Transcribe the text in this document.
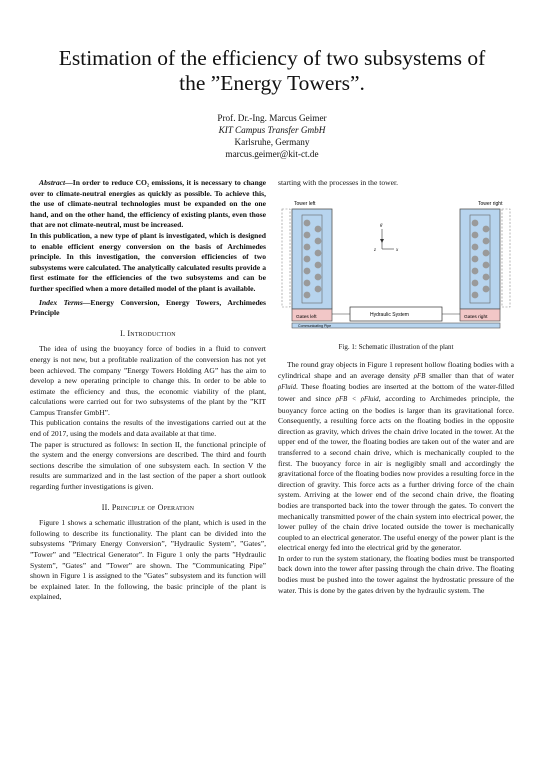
Estimation of the efficiency of two subsystems of
the ”Energy Towers”.
Prof. Dr.-Ing. Marcus Geimer
KIT Campus Transfer GmbH
Karlsruhe, Germany
marcus.geimer@kit-ct.de

Abstract—In order to reduce CO₂ emissions, it is necessary to change over to climate-neutral energies as quickly as possible. To achieve this, the use of climate-neutral technologies must be expanded on the one hand, and on the other hand, the efficiency of existing plants, even those that are not climate-neutral, must be increased.

In this publication, a new type of plant is investigated, which is designed to enable efficient energy conversion on the basis of Archimedes principle. In this investigation, the conversion efficiencies of two subsystems were calculated. The analytically calculated results provide a first estimate for the efficiencies of the two subsystems and can be further specified when a more detailed model of the plant is available.

Index Terms—Energy Conversion, Energy Towers, Archimedes Principle

I. Introduction

The idea of using the buoyancy force of bodies in a fluid to convert energy is not new, but a profitable realization of the conversion has not yet been achieved. The company ”Energy Towers Holding AG” has the aim to develop a new operating principle to change this. In order to be able to estimate the efficiency and thus, the economic viability of the plant, calculations were carried out for two subsystems of the plant by the ”KIT Campus Transfer GmbH”.

This publication contains the results of the investigations carried out at the end of 2017, using the models and data available at that time.

The paper is structured as follows: In section II, the functional principle of the system and the energy conversions are described. The third and fourth sections describe the simulation of one subsystem each. In section V the results are summarized and in the last section of the paper a short outlook regarding further investigations is given.

II. Principle of Operation

Figure 1 shows a schematic illustration of the plant, which is used in the following to describe its functionality. The plant can be divided into the subsystems ”Primary Energy Conversion”, ”Hydraulic System”, ”Gates”, ”Tower” and ”Electrical Generator”. In Figure 1 only the parts ”Hydraulic System”, ”Gates” and ”Tower” are shown. The ”Communicating Pipe” shown in Figure 1 is assigned to the ”Gates” subsystem and its function will be explained later. In the following, the basic principle of the plant is explained,

starting with the processes in the tower.

Tower left	Tower right
g
x
z
Gates left	Gates right
Hydraulic System
Communicating Pipe
Fig. 1: Schematic illustration of the plant

The round gray objects in Figure 1 represent hollow floating bodies with a cylindrical shape and an average density ρFB smaller than that of water ρFluid. These floating bodies are inserted at the bottom of the water-filled tower and since ρFB < ρFluid, according to Archimedes principle, the buoyancy force acting on the bodies is larger than its gravitational force. Consequently, a resulting force acts on the floating bodies in the opposite direction as gravity, which drives the chain drive located in the tower. At the upper end of the tower, the floating bodies are taken out of the water and are transferred to a second chain drive, which is mechanically coupled to the first. The buoyancy force in air is negligibly small and accordingly the gravitational force of the floating bodies now provides a resulting force in the direction of gravity. This force acts as a further driving force of the chain system. Arriving at the lower end of the second chain drive, the floating bodies are transported back into the tower through the gates. To convert the mechanically transmitted power of the chain system into electrical power, the lower pulley of the chain drive located outside the tower is mechanically coupled to an electrical generator. The useful energy of the power plant is the electrical energy fed into the electrical grid by the generator.

In order to run the system stationary, the floating bodies must be transported back down into the tower after passing through the chain drive. The floating bodies must be pushed into the tower against the hydrostatic pressure of the water. This is done by the gates driven by the hydraulic system. The
